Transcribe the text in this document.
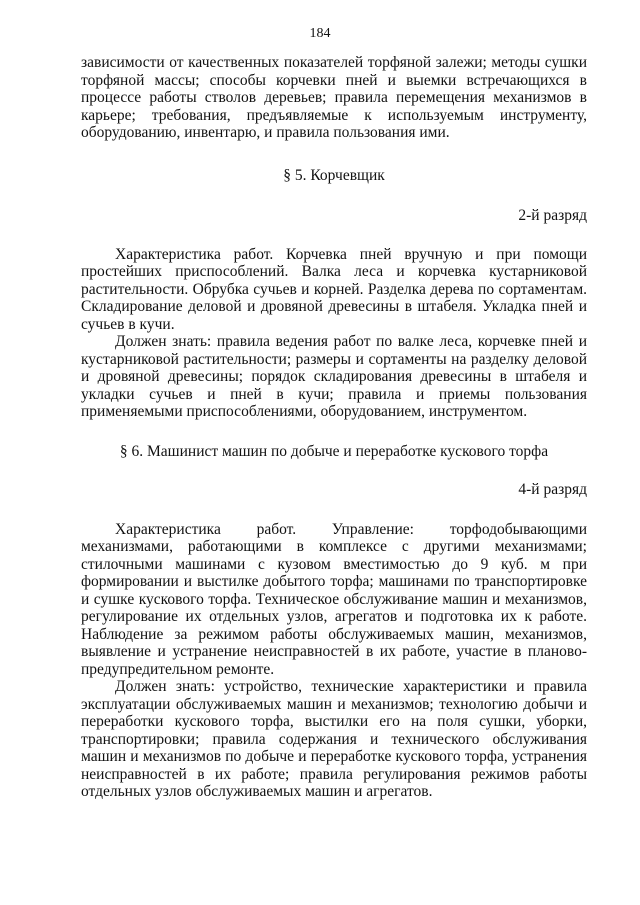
184

зависимости от качественных показателей торфяной залежи; методы сушки торфяной массы; способы корчевки пней и выемки встречающихся в процессе работы стволов деревьев; правила перемещения механизмов в карьере; требования, предъявляемые к используемым инструменту, оборудованию, инвентарю, и правила пользования ими.

§ 5. Корчевщик
2-й разряд

Характеристика работ. Корчевка пней вручную и при помощи простейших приспособлений. Валка леса и корчевка кустарниковой растительности. Обрубка сучьев и корней. Разделка дерева по сортаментам. Складирование деловой и дровяной древесины в штабеля. Укладка пней и сучьев в кучи.

Должен знать: правила ведения работ по валке леса, корчевке пней и кустарниковой растительности; размеры и сортаменты на разделку деловой и дровяной древесины; порядок складирования древесины в штабеля и укладки сучьев и пней в кучи; правила и приемы пользования применяемыми приспособлениями, оборудованием, инструментом.

§ 6. Машинист машин по добыче и переработке кускового торфа
4-й разряд

Характеристика работ. Управление: торфодобывающими механизмами, работающими в комплексе с другими механизмами; стилочными машинами с кузовом вместимостью до 9 куб. м при формировании и выстилке добытого торфа; машинами по транспортировке и сушке кускового торфа. Техническое обслуживание машин и механизмов, регулирование их отдельных узлов, агрегатов и подготовка их к работе. Наблюдение за режимом работы обслуживаемых машин, механизмов, выявление и устранение неисправностей в их работе, участие в планово-предупредительном ремонте.

Должен знать: устройство, технические характеристики и правила эксплуатации обслуживаемых машин и механизмов; технологию добычи и переработки кускового торфа, выстилки его на поля сушки, уборки, транспортировки; правила содержания и технического обслуживания машин и механизмов по добыче и переработке кускового торфа, устранения неисправностей в их работе; правила регулирования режимов работы отдельных узлов обслуживаемых машин и агрегатов.
